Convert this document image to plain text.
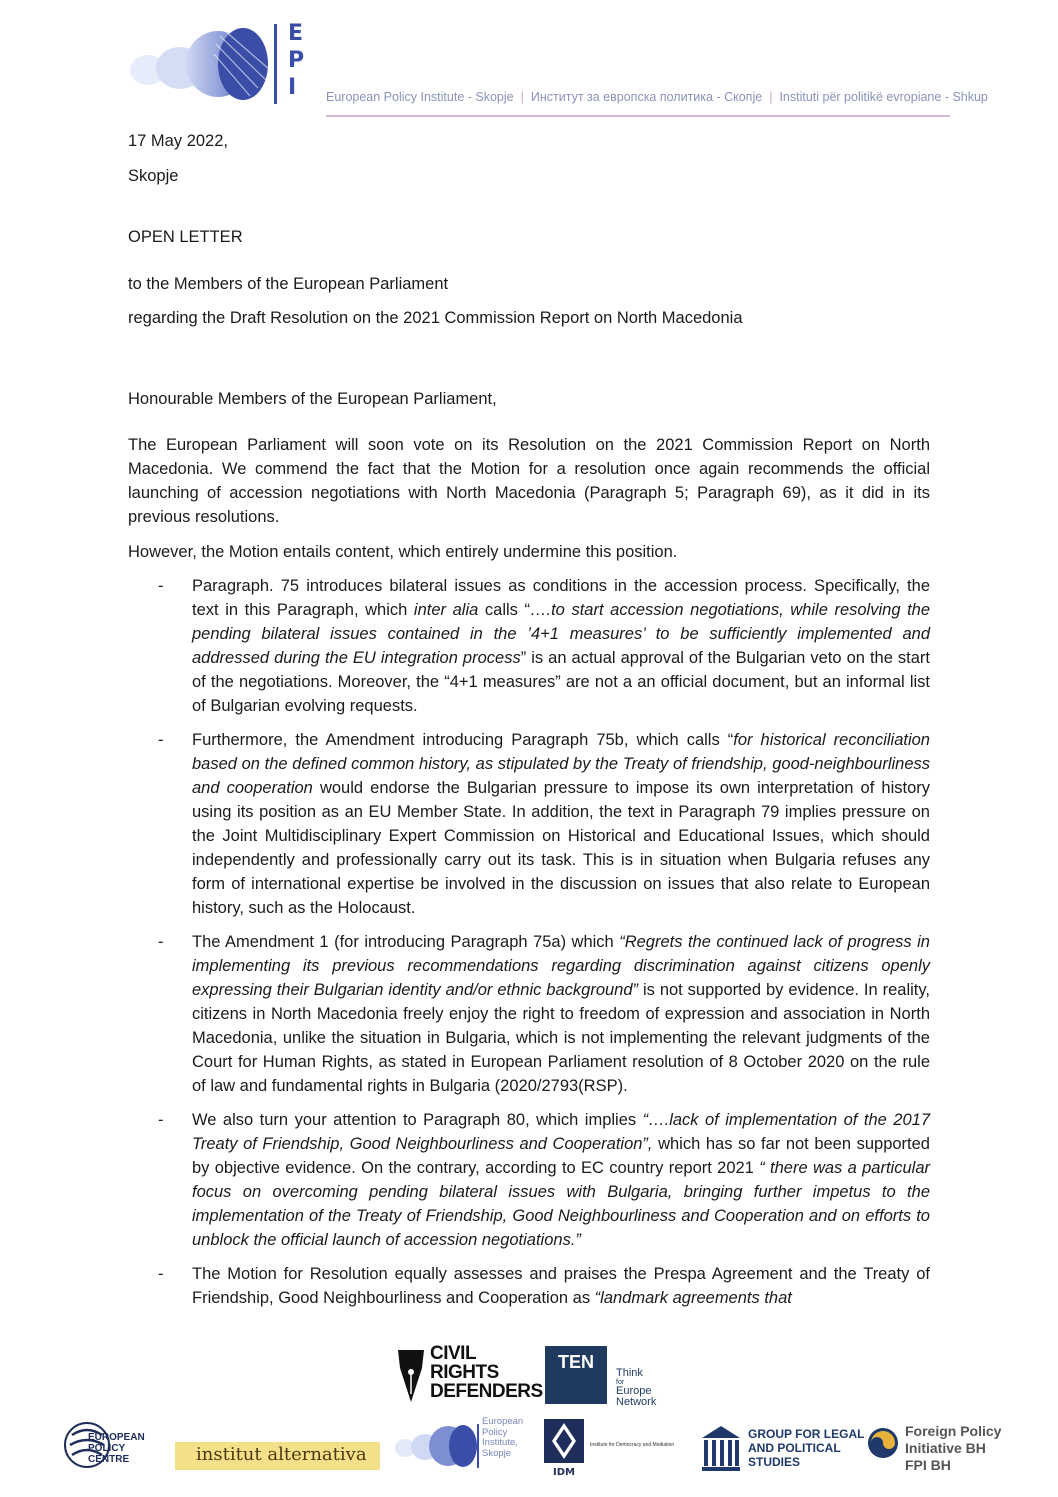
E
P
I	European Policy Institute - Skopje | Институт за европска политика - Скопје | Instituti për politikë evropiane - Shkup
17 May 2022,
Skopje
OPEN LETTER
to the Members of the European Parliament
regarding the Draft Resolution on the 2021 Commission Report on North Macedonia
Honourable Members of the European Parliament,
The European Parliament will soon vote on its Resolution on the 2021 Commission Report on North Macedonia. We commend the fact that the Motion for a resolution once again recommends the official launching of accession negotiations with North Macedonia (Paragraph 5; Paragraph 69), as it did in its previous resolutions.
However, the Motion entails content, which entirely undermine this position.
- Paragraph. 75 introduces bilateral issues as conditions in the accession process. Specifically, the text in this Paragraph, which inter alia calls “….to start accession negotiations, while resolving the pending bilateral issues contained in the ’4+1 measures’ to be sufficiently implemented and addressed during the EU integration process” is an actual approval of the Bulgarian veto on the start of the negotiations. Moreover, the “4+1 measures” are not a an official document, but an informal list of Bulgarian evolving requests.
- Furthermore, the Amendment introducing Paragraph 75b, which calls “for historical reconciliation based on the defined common history, as stipulated by the Treaty of friendship, good-neighbourliness and cooperation would endorse the Bulgarian pressure to impose its own interpretation of history using its position as an EU Member State. In addition, the text in Paragraph 79 implies pressure on the Joint Multidisciplinary Expert Commission on Historical and Educational Issues, which should independently and professionally carry out its task. This is in situation when Bulgaria refuses any form of international expertise be involved in the discussion on issues that also relate to European history, such as the Holocaust.
- The Amendment 1 (for introducing Paragraph 75a) which “Regrets the continued lack of progress in implementing its previous recommendations regarding discrimination against citizens openly expressing their Bulgarian identity and/or ethnic background” is not supported by evidence. In reality, citizens in North Macedonia freely enjoy the right to freedom of expression and association in North Macedonia, unlike the situation in Bulgaria, which is not implementing the relevant judgments of the Court for Human Rights, as stated in European Parliament resolution of 8 October 2020 on the rule of law and fundamental rights in Bulgaria (2020/2793(RSP).
- We also turn your attention to Paragraph 80, which implies “….lack of implementation of the 2017 Treaty of Friendship, Good Neighbourliness and Cooperation”, which has so far not been supported by objective evidence. On the contrary, according to EC country report 2021 “ there was a particular focus on overcoming pending bilateral issues with Bulgaria, bringing further impetus to the implementation of the Treaty of Friendship, Good Neighbourliness and Cooperation and on efforts to unblock the official launch of accession negotiations.”
- The Motion for Resolution equally assesses and praises the Prespa Agreement and the Treaty of Friendship, Good Neighbourliness and Cooperation as “landmark agreements that
CIVIL
RIGHTS
DEFENDERS
TEN
Think
for
Europe
Network
EUROPEAN
POLICY
CENTRE	institut alternativa
European
Policy
Institute,
Skopje
IDM
Institute for Democracy and Mediation
GROUP FOR LEGAL
AND POLITICAL
STUDIES
Foreign Policy
Initiative BH
FPI BH
